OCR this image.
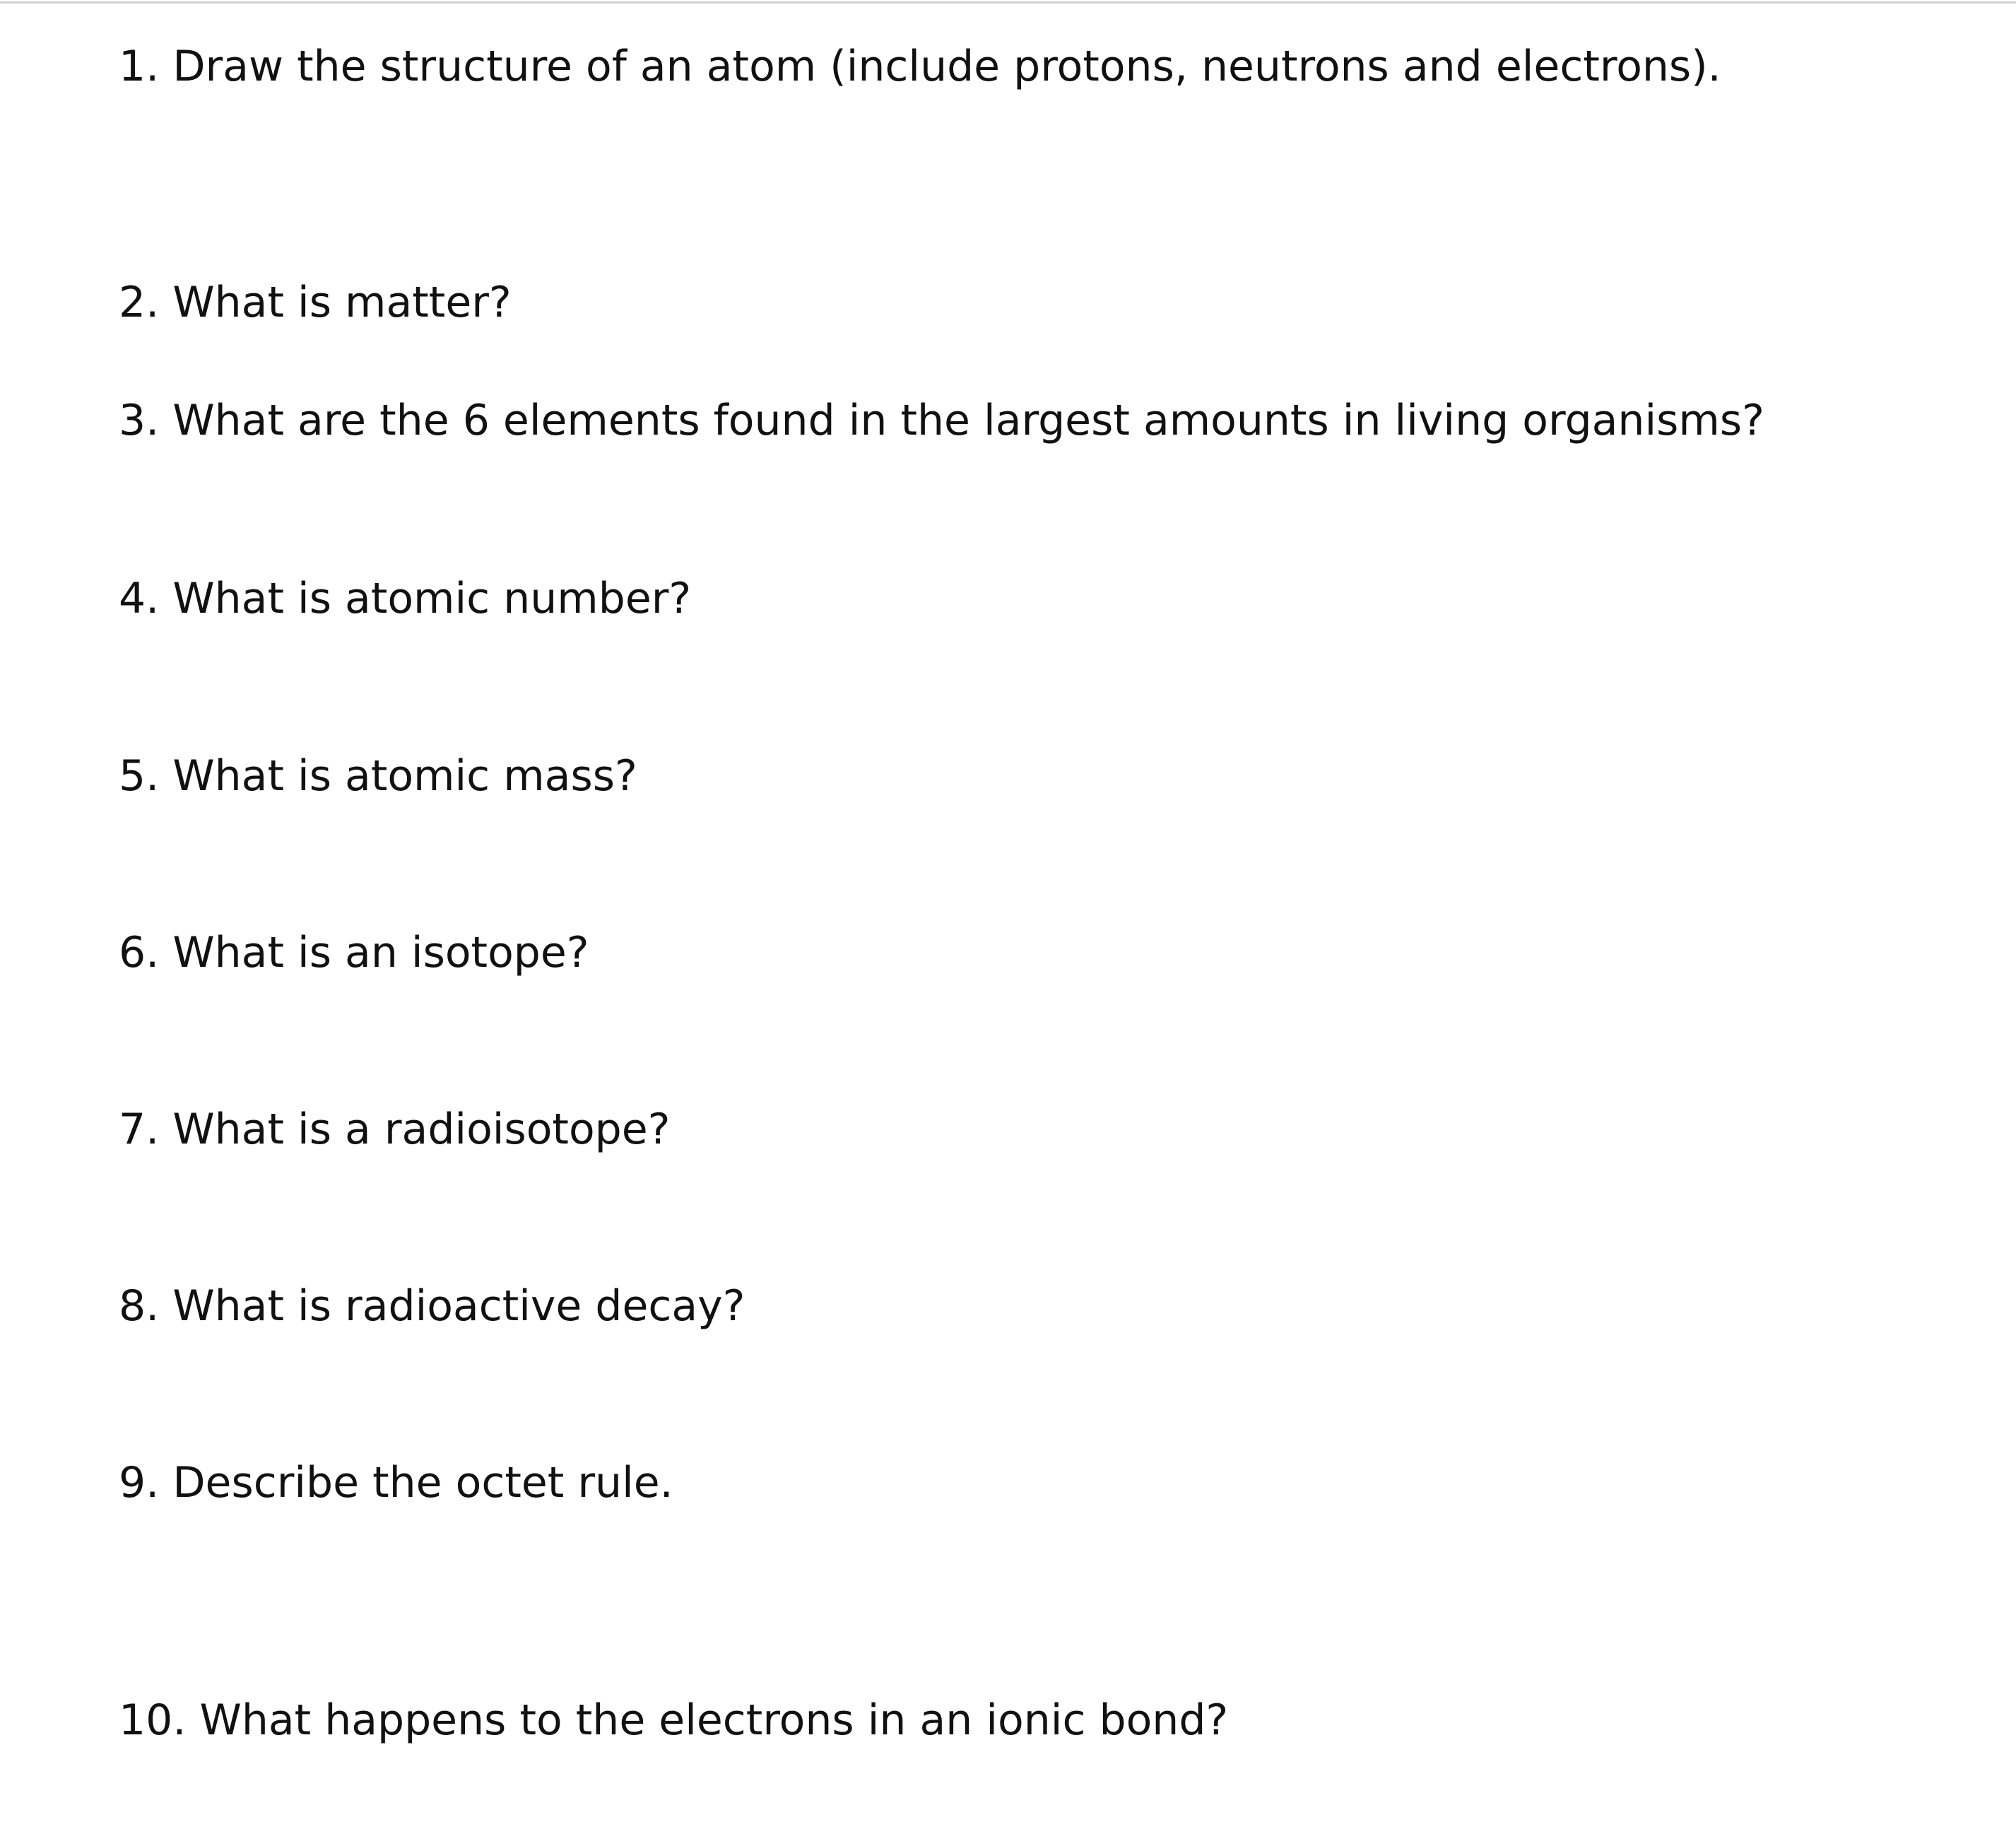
1. Draw the structure of an atom (include protons, neutrons and electrons).

2. What is matter?

3. What are the 6 elements found in the largest amounts in living organisms?

4. What is atomic number?

5. What is atomic mass?

6. What is an isotope?

7. What is a radioisotope?

8. What is radioactive decay?

9. Describe the octet rule.

10. What happens to the electrons in an ionic bond?
